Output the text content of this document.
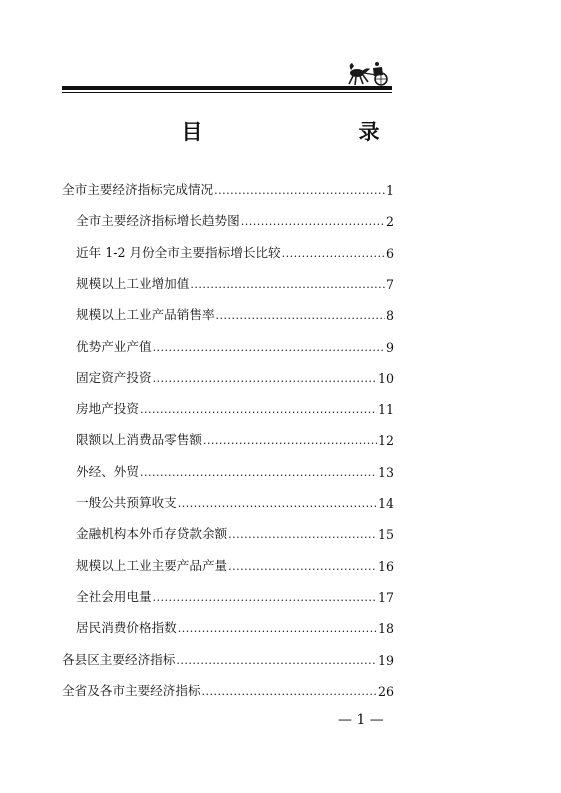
目　　录
全市主要经济指标完成情况 .....	1
全市主要经济指标增长趋势图 .....	2
近年 1-2 月份全市主要指标增长比较 .....	6
规模以上工业增加值 .....	7
规模以上工业产品销售率 .....	8
优势产业产值 .....	9
固定资产投资 .....	10
房地产投资 .....	11
限额以上消费品零售额 .....	12
外经、外贸 .....	13
一般公共预算收支 .....	14
金融机构本外币存贷款余额 .....	15
规模以上工业主要产品产量 .....	16
全社会用电量 .....	17
居民消费价格指数 .....	18
各县区主要经济指标 .....	19
全省及各市主要经济指标 .....	26
— 1 —
